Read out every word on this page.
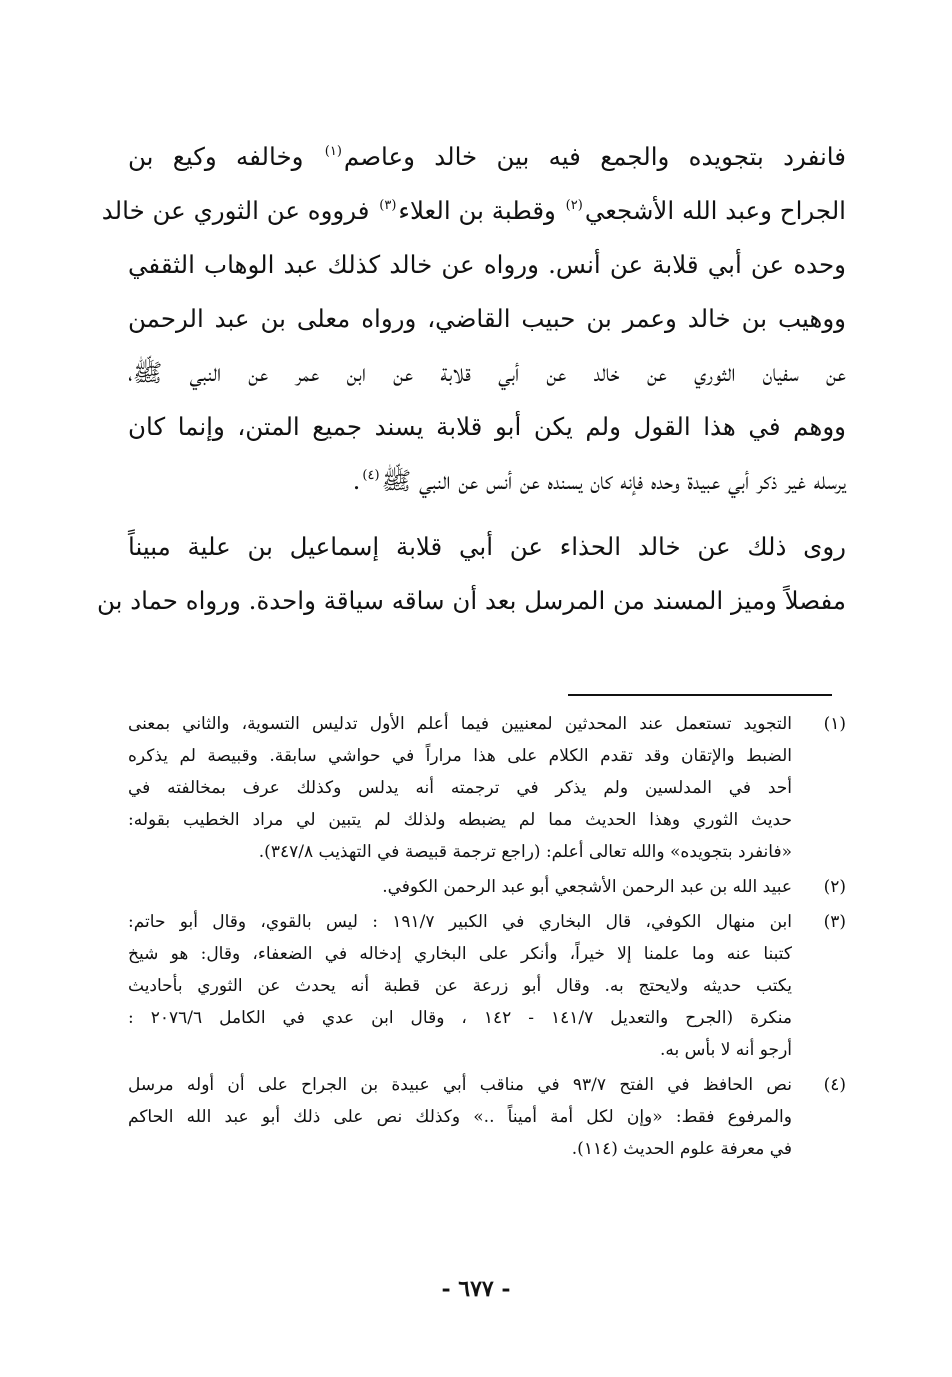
فانفرد بتجويده والجمع فيه بين خالد وعاصم$^{(١)}$ وخالفه وكيع بن
الجراح وعبد الله الأشجعي$^{(٢)}$ وقطبة بن العلاء$^{(٣)}$ فرووه عن الثوري عن خالد
وحده عن أبي قلابة عن أنس. ورواه عن خالد كذلك عبد الوهاب الثقفي
ووهيب بن خالد وعمر بن حبيب القاضي، ورواه معلى بن عبد الرحمن
عن سفيان الثوري عن خالد عن أبي قلابة عن ابن عمر عن النبي ﷺ،
ووهم في هذا القول ولم يكن أبو قلابة يسند جميع المتن، وإنما كان
يرسله غير ذكر أبي عبيدة وحده فإنه كان يسنده عن أنس عن النبي ﷺ$^{(٤)}$.

روى ذلك عن خالد الحذاء عن أبي قلابة إسماعيل بن علية مبيناً
مفصلاً وميز المسند من المرسل بعد أن ساقه سياقة واحدة. ورواه حماد بن

(١)
التجويد تستعمل عند المحدثين لمعنيين فيما أعلم الأول تدليس التسوية، والثاني بمعنى
الضبط والإتقان وقد تقدم الكلام على هذا مراراً في حواشي سابقة. وقبيصة لم يذكره
أحد في المدلسين ولم يذكر في ترجمته أنه يدلس وكذلك عرف بمخالفته في
حديث الثوري وهذا الحديث مما لم يضبطه ولذلك لم يتبين لي مراد الخطيب بقوله:
«فانفرد بتجويده» والله تعالى أعلم: (راجع ترجمة قبيصة في التهذيب ٣٤٧/٨).
(٢)
عبيد الله بن عبد الرحمن الأشجعي أبو عبد الرحمن الكوفي.
(٣)
ابن منهال الكوفي، قال البخاري في الكبير ١٩١/٧ : ليس بالقوي، وقال أبو حاتم:
كتبنا عنه وما علمنا إلا خيراً، وأنكر على البخاري إدخاله في الضعفاء، وقال: هو شيخ
يكتب حديثه ولايحتج به. وقال أبو زرعة عن قطبة أنه يحدث عن الثوري بأحاديث
منكرة (الجرح والتعديل ١٤١/٧ - ١٤٢ ، وقال ابن عدي في الكامل ٢٠٧٦/٦ :
أرجو أنه لا بأس به.
(٤)
نص الحافظ في الفتح ٩٣/٧ في مناقب أبي عبيدة بن الجراح على أن أوله مرسل
والمرفوع فقط: «وإن لكل أمة أميناً ..» وكذلك نص على ذلك أبو عبد الله الحاكم
في معرفة علوم الحديث (١١٤).
- ٦٧٧ -
